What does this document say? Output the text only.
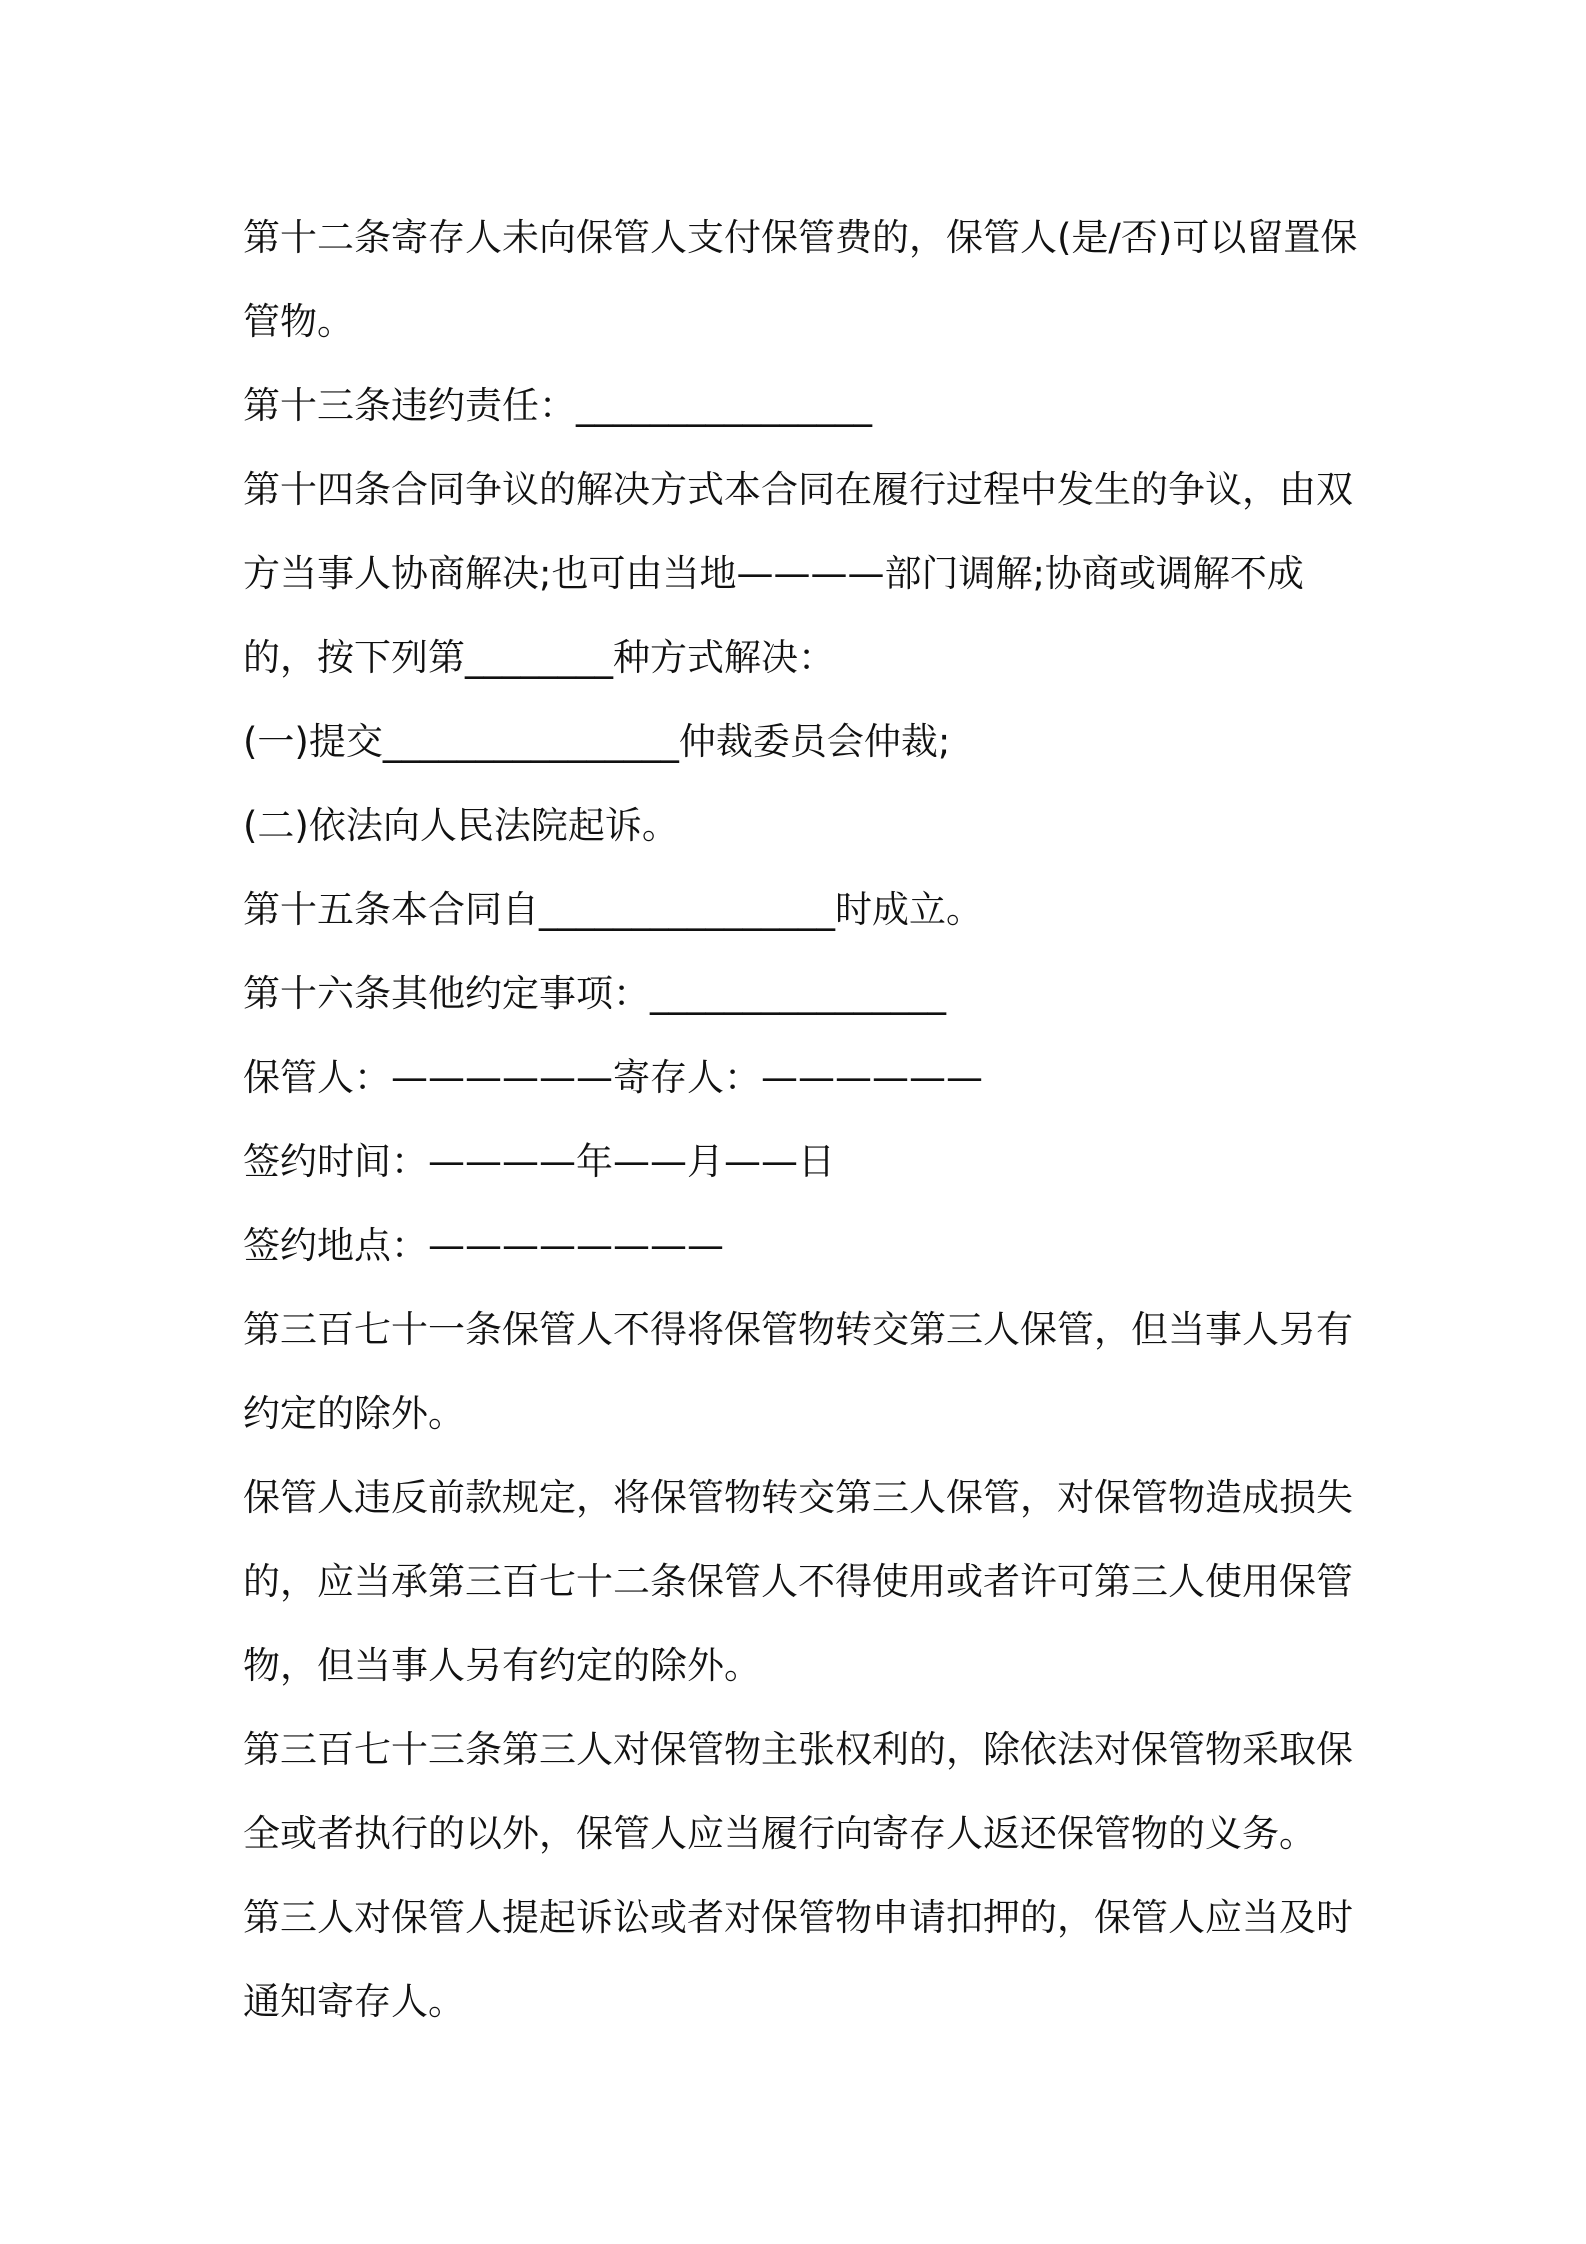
第十二条寄存人未向保管人支付保管费的，保管人(是/否)可以留置保管物。

第十三条违约责任：________________

第十四条合同争议的解决方式本合同在履行过程中发生的争议，由双方当事人协商解决;也可由当地————部门调解;协商或调解不成的，按下列第________种方式解决：

(一)提交________________仲裁委员会仲裁;

(二)依法向人民法院起诉。

第十五条本合同自________________时成立。

第十六条其他约定事项：________________

保管人：——————寄存人：——————

签约时间：————年——月——日

签约地点：————————

第三百七十一条保管人不得将保管物转交第三人保管，但当事人另有约定的除外。

保管人违反前款规定，将保管物转交第三人保管，对保管物造成损失的，应当承第三百七十二条保管人不得使用或者许可第三人使用保管物，但当事人另有约定的除外。

第三百七十三条第三人对保管物主张权利的，除依法对保管物采取保全或者执行的以外，保管人应当履行向寄存人返还保管物的义务。

第三人对保管人提起诉讼或者对保管物申请扣押的，保管人应当及时通知寄存人。
